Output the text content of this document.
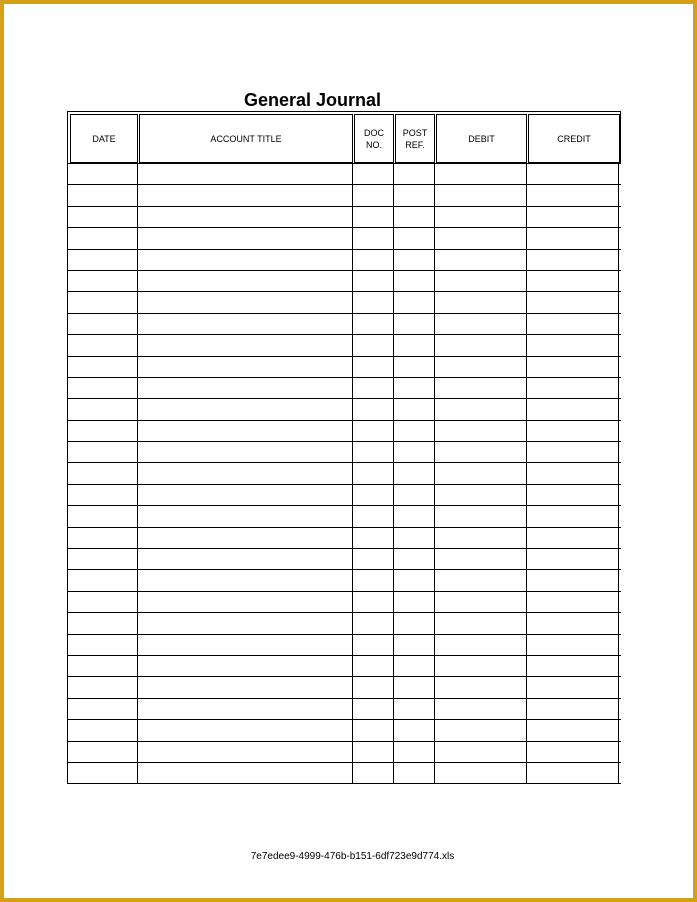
General Journal
DATE	ACCOUNT TITLE
DOC
NO.
POST
REF.
DEBIT	CREDIT
7e7edee9-4999-476b-b151-6df723e9d774.xls
